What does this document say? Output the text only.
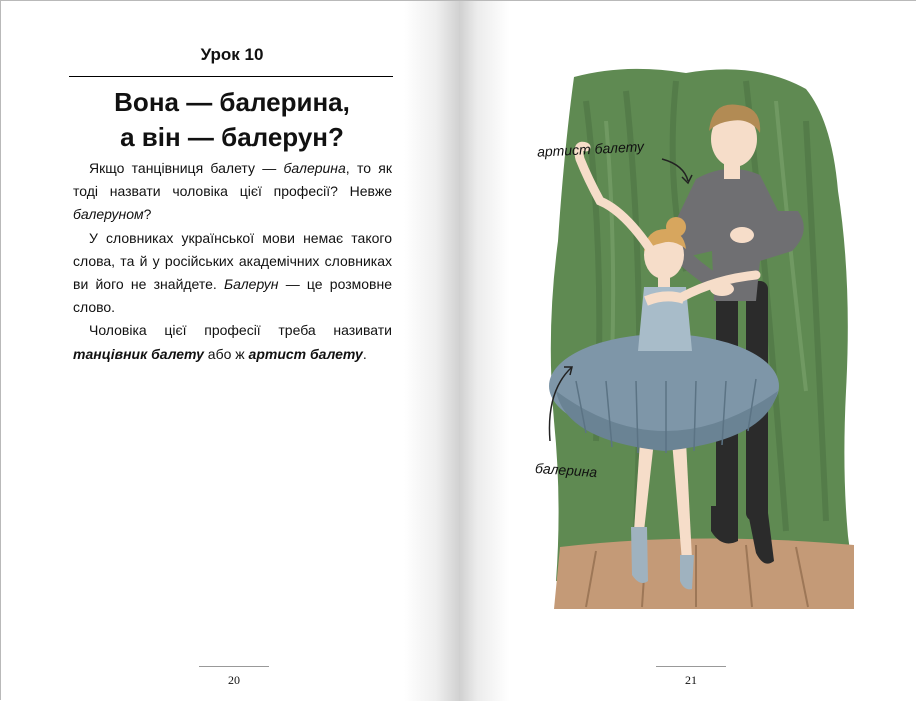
Урок 10
Вона — балерина,
а він — балерун?

Якщо танцівниця балету — балерина, то як тоді назвати чоловіка цієї професії? Невже балеруном?

У словниках української мови немає такого слова, та й у російських академічних словниках ви його не знайдете. Балерун — це розмовне слово.

Чоловіка цієї професії треба називати танцівник балету або ж артист балету.

20	21
артист балету
балерина
